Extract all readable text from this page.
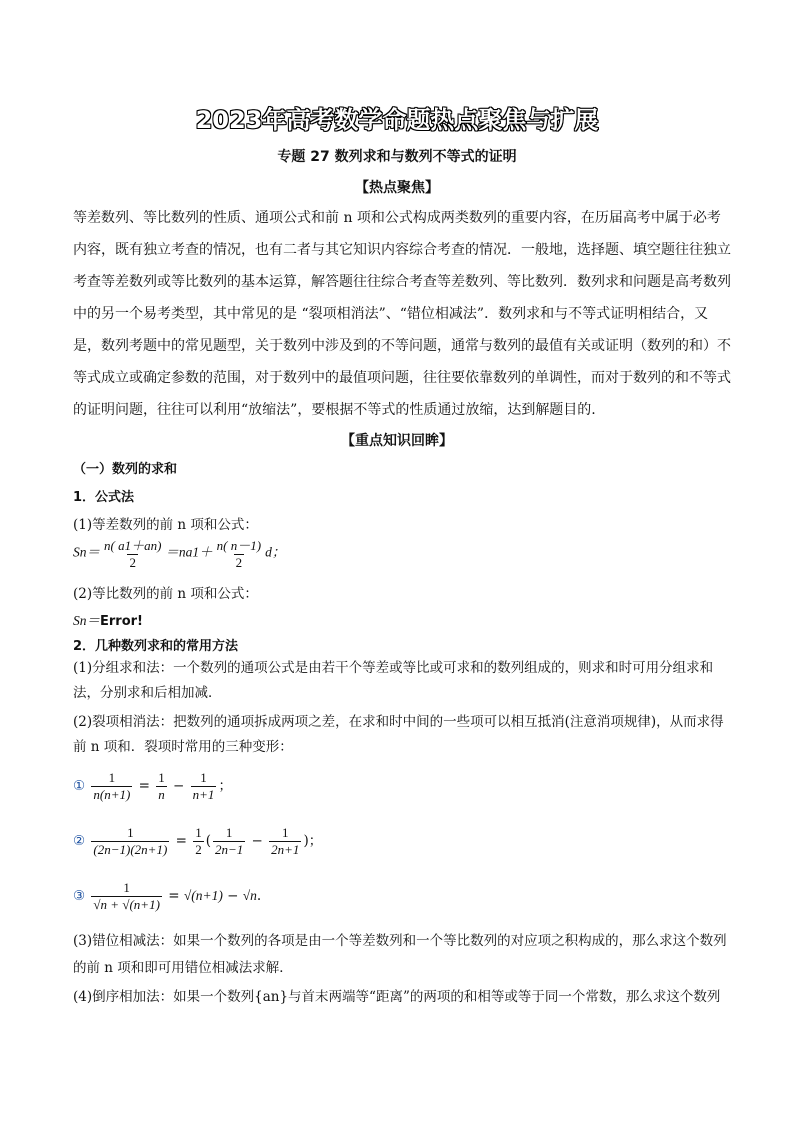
2023年高考数学命题热点聚焦与扩展
专题 27 数列求和与数列不等式的证明
【热点聚焦】
等差数列、等比数列的性质、通项公式和前 n 项和公式构成两类数列的重要内容，在历届高考中属于必考内容，既有独立考查的情况，也有二者与其它知识内容综合考查的情况．一般地，选择题、填空题往往独立考查等差数列或等比数列的基本运算，解答题往往综合考查等差数列、等比数列．数列求和问题是高考数列中的另一个易考类型，其中常见的是 “裂项相消法”、“错位相减法”．数列求和与不等式证明相结合，又是，数列考题中的常见题型，关于数列中涉及到的不等问题，通常与数列的最值有关或证明（数列的和）不等式成立或确定参数的范围，对于数列中的最值项问题，往往要依靠数列的单调性，而对于数列的和不等式的证明问题，往往可以利用“放缩法”，要根据不等式的性质通过放缩，达到解题目的.
【重点知识回眸】
（一）数列的求和
1．公式法
(1)等差数列的前 n 项和公式：
$Sn= \frac{n( a1+an)}{2} =na1+ \frac{n( n-1)}{2}$ d；
(2)等比数列的前 n 项和公式：
Sn＝Error!
2．几种数列求和的常用方法
(1)分组求和法：一个数列的通项公式是由若干个等差或等比或可求和的数列组成的，则求和时可用分组求和法，分别求和后相加减．
(2)裂项相消法：把数列的通项拆成两项之差，在求和时中间的一些项可以相互抵消(注意消项规律)，从而求得前 n 项和．裂项时常用的三种变形：
① $\frac{1}{n(n+1)} = \frac{1}{n} - \frac{1}{n+1}$ ；
② $\frac{1}{(2n-1)(2n+1)} = \frac{1}{2}$ ( $\frac{1}{2n-1} - \frac{1}{2n+1}$ )；
③ $\frac{1}{√n + √(n+1)} = √(n+1) - √n$.
(3)错位相减法：如果一个数列的各项是由一个等差数列和一个等比数列的对应项之积构成的，那么求这个数列的前 n 项和即可用错位相减法求解．
(4)倒序相加法：如果一个数列{an}与首末两端等“距离”的两项的和相等或等于同一个常数，那么求这个数列
